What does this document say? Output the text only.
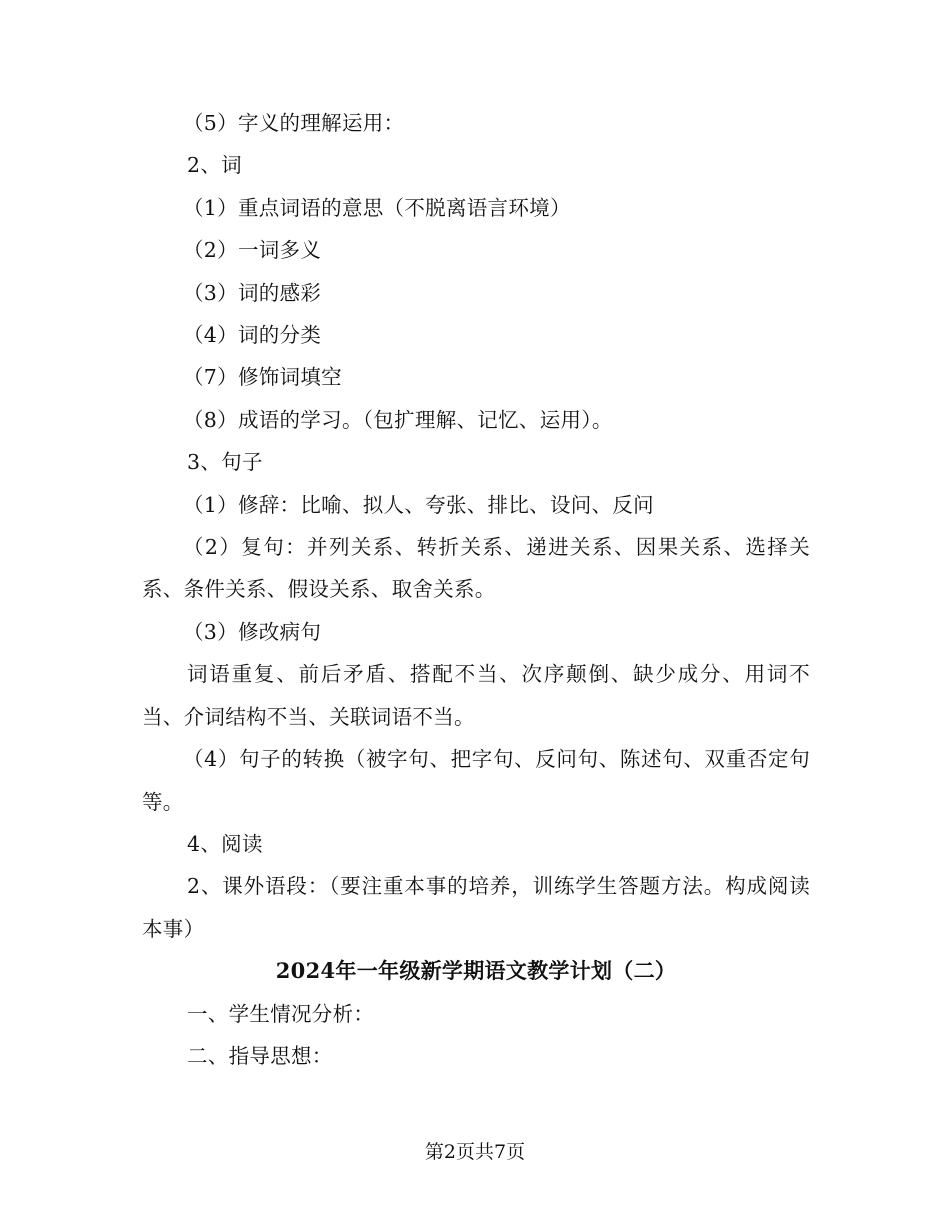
（5）字义的理解运用：

2、词

（1）重点词语的意思（不脱离语言环境）

（2）一词多义

（3）词的感彩

（4）词的分类

（7）修饰词填空

（8）成语的学习。（包扩理解、记忆、运用）。

3、句子

（1）修辞：比喻、拟人、夸张、排比、设问、反问

（2）复句：并列关系、转折关系、递进关系、因果关系、选择关系、条件关系、假设关系、取舍关系。

（3）修改病句

词语重复、前后矛盾、搭配不当、次序颠倒、缺少成分、用词不当、介词结构不当、关联词语不当。

（4）句子的转换（被字句、把字句、反问句、陈述句、双重否定句等。

4、阅读

2、课外语段：（要注重本事的培养，训练学生答题方法。构成阅读本事）

2024年一年级新学期语文教学计划（二）

一、学生情况分析：

二、指导思想：

第2页共7页
